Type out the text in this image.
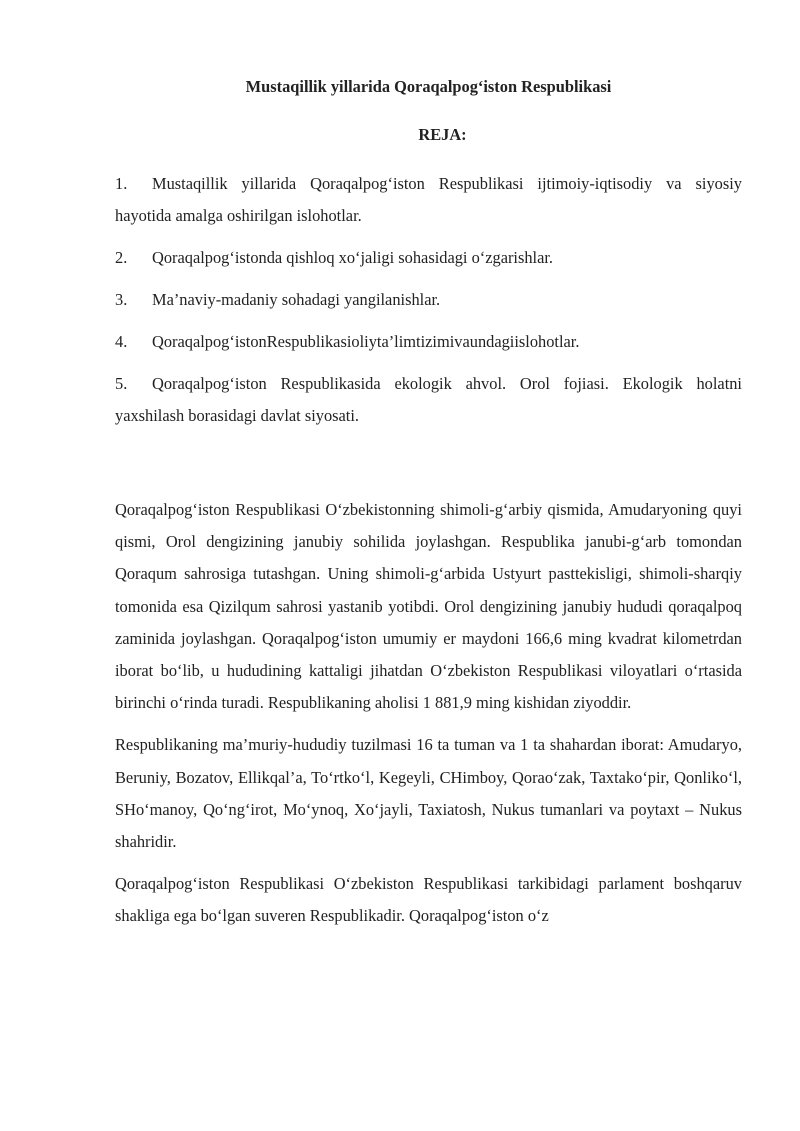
Mustaqillik yillarida Qoraqalpog‘iston Respublikasi
REJA:
1. Mustaqillik yillarida Qoraqalpog‘iston Respublikasi ijtimoiy-iqtisodiy va siyosiy hayotida amalga oshirilgan islohotlar.
2. Qoraqalpog‘istonda qishloq xo‘jaligi sohasidagi o‘zgarishlar.
3. Ma’naviy-madaniy sohadagi yangilanishlar.
4. Qoraqalpog‘istonRespublikasioliyta’limtizimivaundagiislohotlar.
5. Qoraqalpog‘iston Respublikasida ekologik ahvol. Orol fojiasi. Ekologik holatni yaxshilash borasidagi davlat siyosati.

Qoraqalpog‘iston Respublikasi O‘zbekistonning shimoli-g‘arbiy qismida, Amudaryoning quyi qismi, Orol dengizining janubiy sohilida joylashgan. Respublika janubi-g‘arb tomondan Qoraqum sahrosiga tutashgan. Uning shimoli-g‘arbida Ustyurt pasttekisligi, shimoli-sharqiy tomonida esa Qizilqum sahrosi yastanib yotibdi. Orol dengizining janubiy hududi qoraqalpoq zaminida joylashgan. Qoraqalpog‘iston umumiy er maydoni 166,6 ming kvadrat kilometrdan iborat bo‘lib, u hududining kattaligi jihatdan O‘zbekiston Respublikasi viloyatlari o‘rtasida birinchi o‘rinda turadi. Respublikaning aholisi 1 881,9 ming kishidan ziyoddir.

Respublikaning ma’muriy-hududiy tuzilmasi 16 ta tuman va 1 ta shahardan iborat: Amudaryo, Beruniy, Bozatov, Ellikqal’a, To‘rtko‘l, Kegeyli, CHimboy, Qorao‘zak, Taxtako‘pir, Qonliko‘l, SHo‘manoy, Qo‘ng‘irot, Mo‘ynoq, Xo‘jayli, Taxiatosh, Nukus tumanlari va poytaxt – Nukus shahridir.

Qoraqalpog‘iston Respublikasi O‘zbekiston Respublikasi tarkibidagi parlament boshqaruv shakliga ega bo‘lgan suveren Respublikadir. Qoraqalpog‘iston o‘z
